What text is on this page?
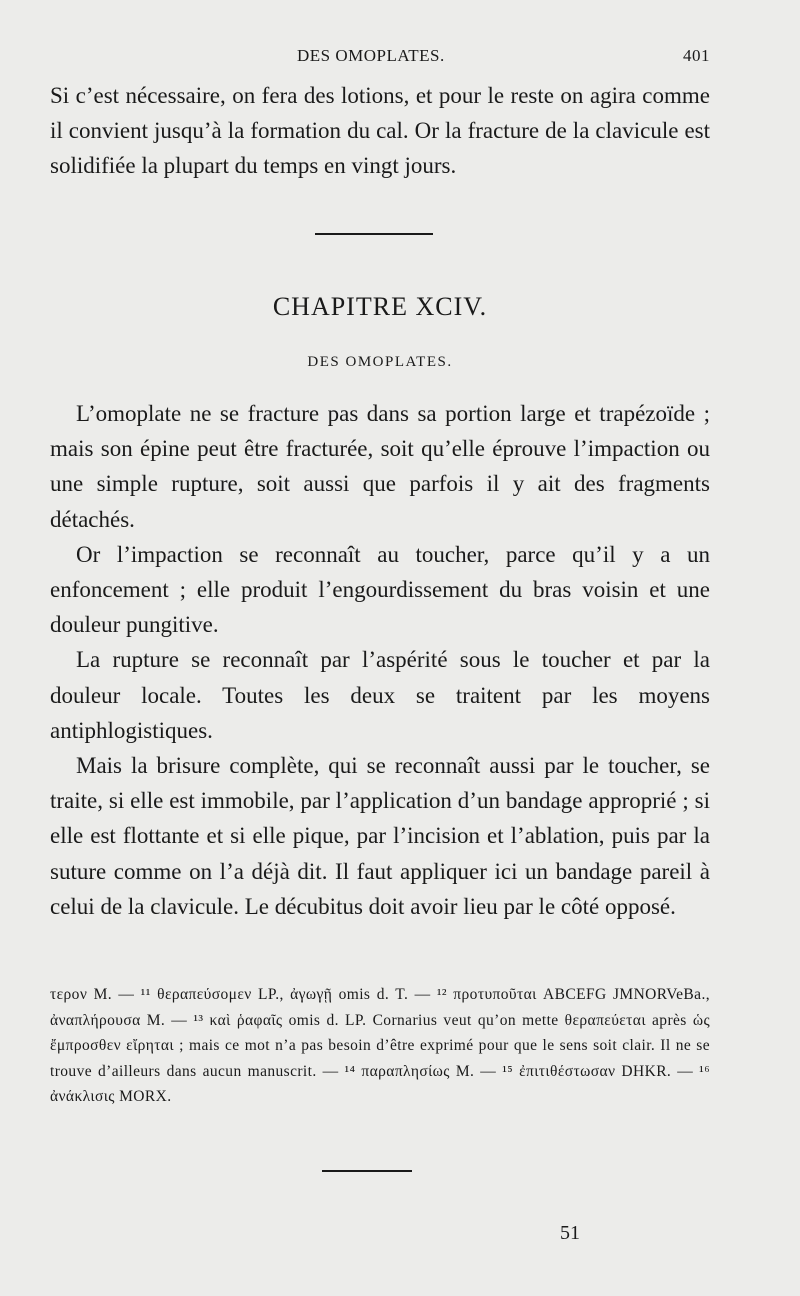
DES OMOPLATES.	401

Si c’est nécessaire, on fera des lotions, et pour le reste on agira comme il convient jusqu’à la formation du cal. Or la fracture de la clavicule est solidifiée la plupart du temps en vingt jours.

CHAPITRE XCIV.
DES OMOPLATES.

L’omoplate ne se fracture pas dans sa portion large et trapézoïde ; mais son épine peut être fracturée, soit qu’elle éprouve l’impaction ou une simple rupture, soit aussi que parfois il y ait des fragments détachés.

Or l’impaction se reconnaît au toucher, parce qu’il y a un enfoncement ; elle produit l’engourdissement du bras voisin et une douleur pungitive.

La rupture se reconnaît par l’aspérité sous le toucher et par la douleur locale. Toutes les deux se traitent par les moyens antiphlogistiques.

Mais la brisure complète, qui se reconnaît aussi par le toucher, se traite, si elle est immobile, par l’application d’un bandage approprié ; si elle est flottante et si elle pique, par l’incision et l’ablation, puis par la suture comme on l’a déjà dit. Il faut appliquer ici un bandage pareil à celui de la clavicule. Le décubitus doit avoir lieu par le côté opposé.

τερον M. — ¹¹ θεραπεύσομεν LP., ἀγωγῇ omis d. T. — ¹² προτυποῦται ABCEFG JMNORVeBa., ἀναπλήρουσα M. — ¹³ καὶ ῥαφαῖς omis d. LP. Cornarius veut qu’on mette θεραπεύεται après ὡς ἔμπροσθεν εἴρηται ; mais ce mot n’a pas besoin d’être exprimé pour que le sens soit clair. Il ne se trouve d’ailleurs dans aucun manuscrit. — ¹⁴ παραπλησίως M. — ¹⁵ ἐπιτιθέστωσαν DHKR. — ¹⁶ ἀνάκλισις MORX.

51
